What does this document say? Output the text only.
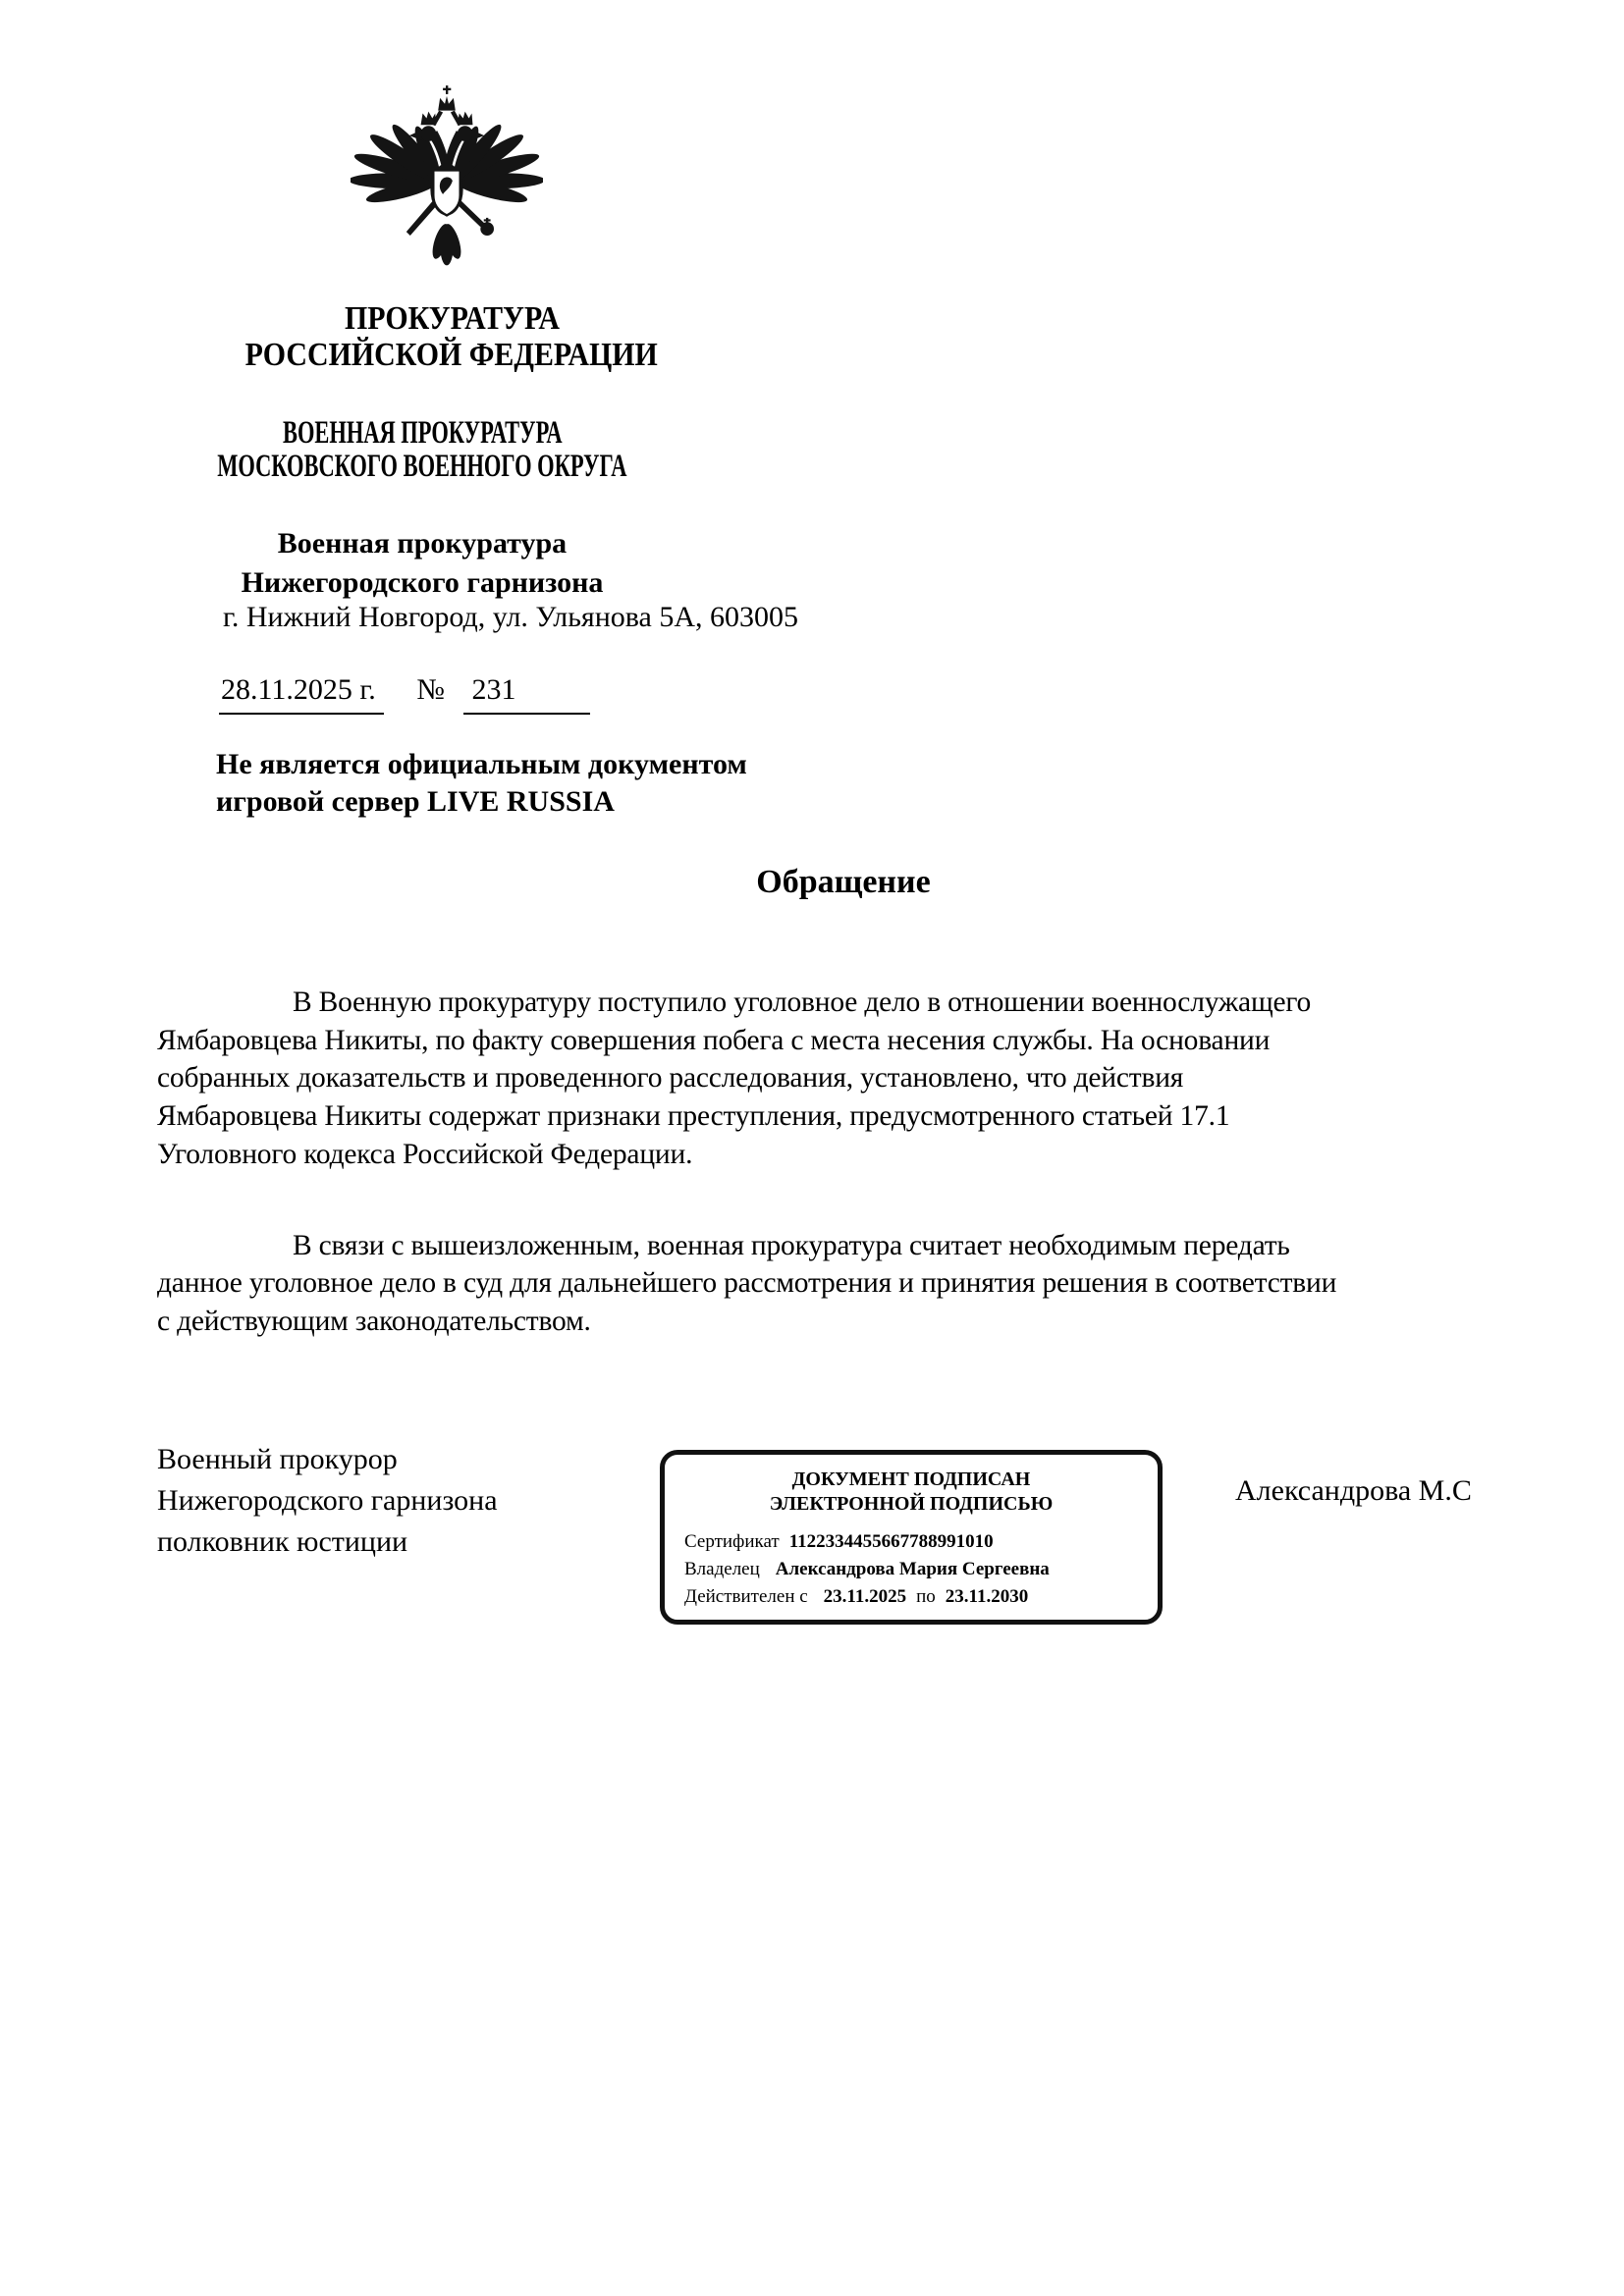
ПРОКУРАТУРА
РОССИЙСКОЙ ФЕДЕРАЦИИ
ВОЕННАЯ ПРОКУРАТУРА
МОСКОВСКОГО ВОЕННОГО ОКРУГА
Военная прокуратура
Нижегородского гарнизона
г. Нижний Новгород, ул. Ульянова 5А, 603005
28.11.2025 г. № 231
Не является официальным документом
игровой сервер LIVE RUSSIA
Обращение

В Военную прокуратуру поступило уголовное дело в отношении военнослужащего Ямбаровцева Никиты, по факту совершения побега с места несения службы. На основании собранных доказательств и проведенного расследования, установлено, что действия Ямбаровцева Никиты содержат признаки преступления, предусмотренного статьей 17.1 Уголовного кодекса Российской Федерации.

В связи с вышеизложенным, военная прокуратура считает необходимым передать данное уголовное дело в суд для дальнейшего рассмотрения и принятия решения в соответствии с действующим законодательством.

Военный прокурор
Нижегородского гарнизона
полковник юстиции
ДОКУМЕНТ ПОДПИСАН
ЭЛЕКТРОННОЙ ПОДПИСЬЮ
Сертификат 1122334455667788991010
Владелец Александрова Мария Сергеевна
Действителен с 23.11.2025 по 23.11.2030
Александрова М.С
